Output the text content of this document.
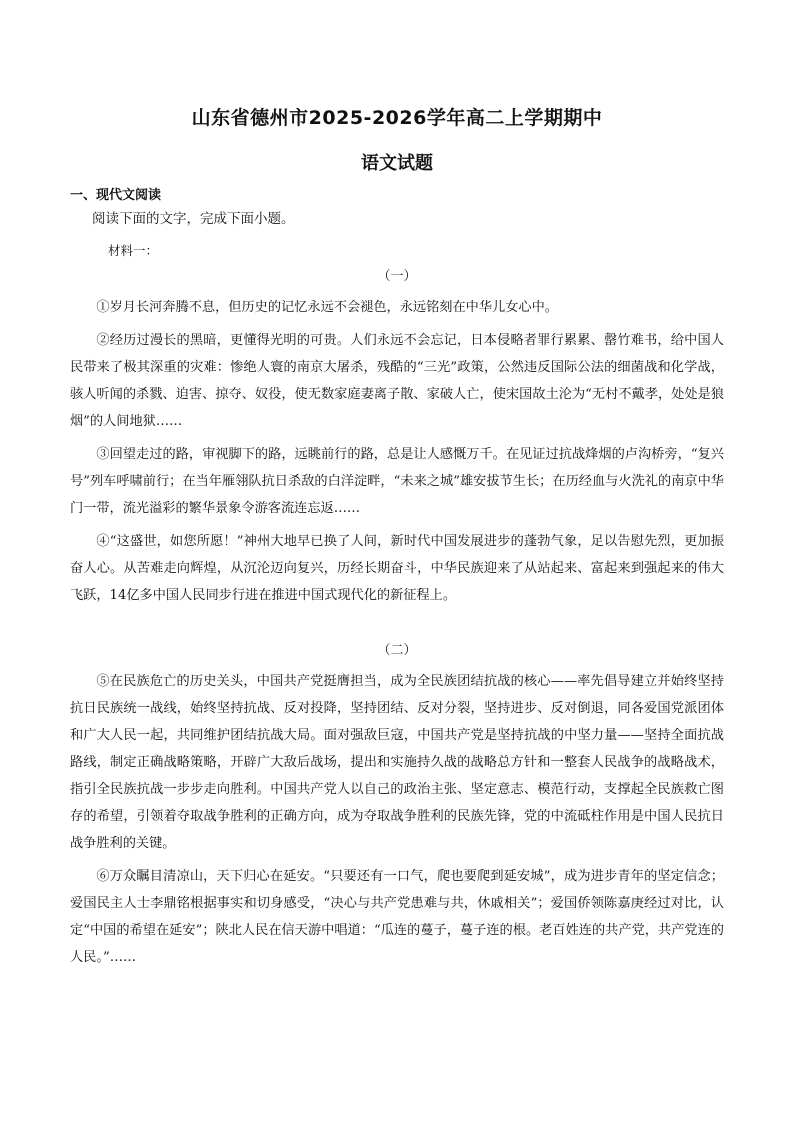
山东省德州市2025-2026学年高二上学期期中
语文试题
一、现代文阅读
阅读下面的文字，完成下面小题。
材料一：
（一）

①岁月长河奔腾不息，但历史的记忆永远不会褪色，永远铭刻在中华儿女心中。

②经历过漫长的黑暗，更懂得光明的可贵。人们永远不会忘记，日本侵略者罪行累累、罄竹难书，给中国人民带来了极其深重的灾难：惨绝人寰的南京大屠杀，残酷的“三光”政策，公然违反国际公法的细菌战和化学战，骇人听闻的杀戮、迫害、掠夺、奴役，使无数家庭妻离子散、家破人亡，使宋国故土沦为“无村不戴孝，处处是狼烟”的人间地狱……

③回望走过的路，审视脚下的路，远眺前行的路，总是让人感慨万千。在见证过抗战烽烟的卢沟桥旁，“复兴号”列车呼啸前行；在当年雁翎队抗日杀敌的白洋淀畔，“未来之城”雄安拔节生长；在历经血与火洗礼的南京中华门一带，流光溢彩的繁华景象令游客流连忘返……

④“这盛世，如您所愿！”神州大地早已换了人间，新时代中国发展进步的蓬勃气象，足以告慰先烈，更加振奋人心。从苦难走向辉煌，从沉沦迈向复兴，历经长期奋斗，中华民族迎来了从站起来、富起来到强起来的伟大飞跃，14亿多中国人民同步行进在推进中国式现代化的新征程上。

（二）

⑤在民族危亡的历史关头，中国共产党挺膺担当，成为全民族团结抗战的核心——率先倡导建立并始终坚持抗日民族统一战线，始终坚持抗战、反对投降，坚持团结、反对分裂，坚持进步、反对倒退，同各爱国党派团体和广大人民一起，共同维护团结抗战大局。面对强敌巨寇，中国共产党是坚持抗战的中坚力量——坚持全面抗战路线，制定正确战略策略，开辟广大敌后战场，提出和实施持久战的战略总方针和一整套人民战争的战略战术，指引全民族抗战一步步走向胜利。中国共产党人以自己的政治主张、坚定意志、模范行动，支撑起全民族救亡图存的希望，引领着夺取战争胜利的正确方向，成为夺取战争胜利的民族先锋，党的中流砥柱作用是中国人民抗日战争胜利的关键。

⑥万众瞩目清凉山，天下归心在延安。“只要还有一口气，爬也要爬到延安城”，成为进步青年的坚定信念；爱国民主人士李鼎铭根据事实和切身感受，“决心与共产党患难与共，休戚相关”；爱国侨领陈嘉庚经过对比，认定“中国的希望在延安”；陕北人民在信天游中唱道：“瓜连的蔓子，蔓子连的根。老百姓连的共产党，共产党连的人民。”……
